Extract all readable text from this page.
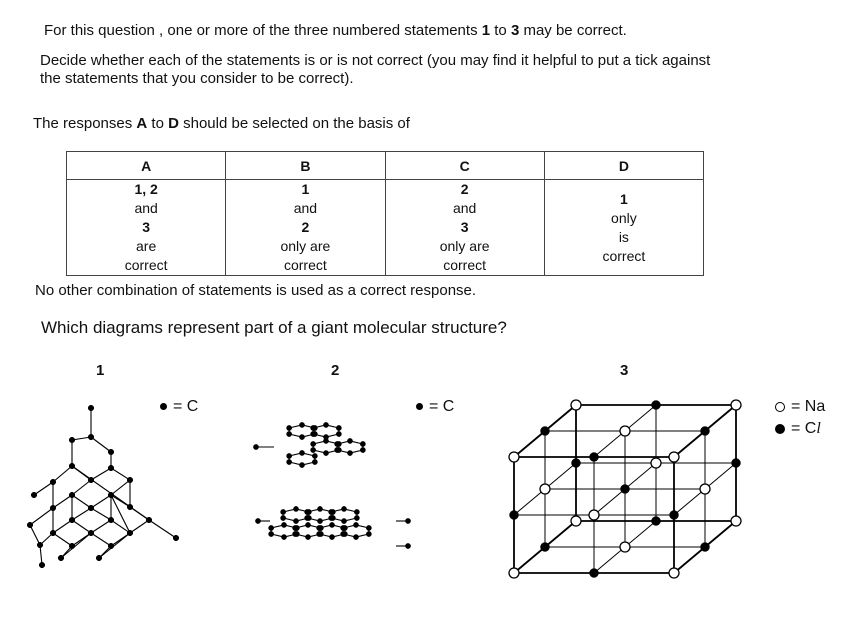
For this question , one or more of the three numbered statements 1 to 3 may be correct.
Decide whether each of the statements is or is not correct (you may find it helpful to put a tick against
the statements that you consider to be correct).
The responses A to D should be selected on the basis of
A	B	C	D

1, 2
and
3
are
correct	1
and
2
only are
correct	2
and
3
only are
correct	1
only
is
correct
No other combination of statements is used as a correct response.
Which diagrams represent part of a giant molecular structure?
1	2	3
= C	= C	= Na
= Cl
